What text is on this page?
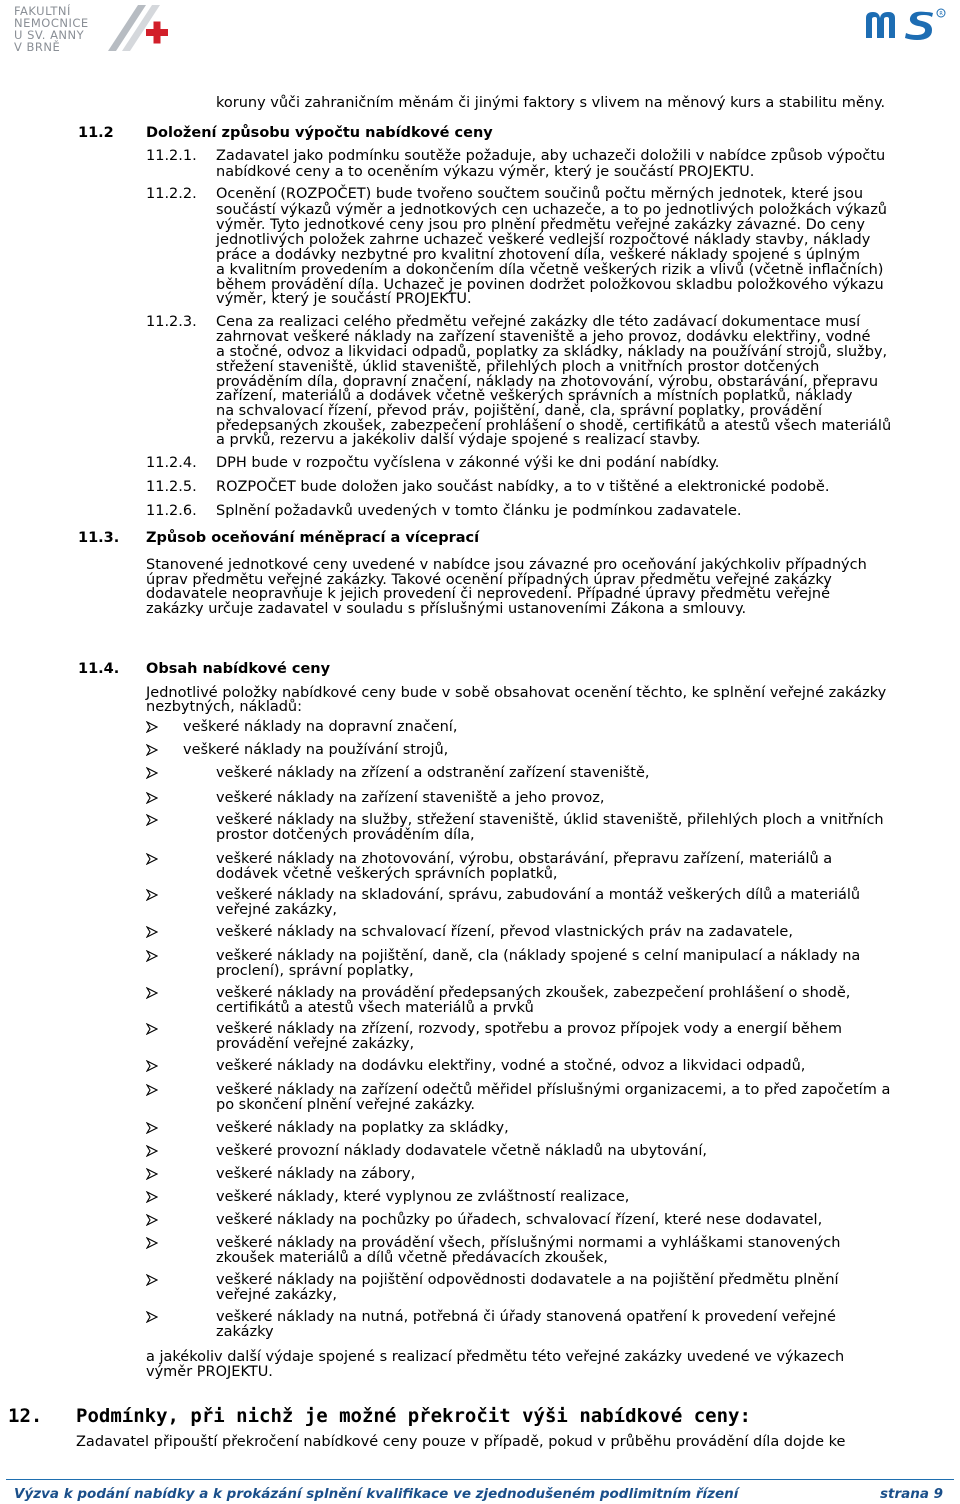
FAKULTNÍ
NEMOCNICE
U SV. ANNY
V BRNĚ
R
koruny vůči zahraničním měnám či jinými faktory s vlivem na měnový kurs a stabilitu měny.
11.2 Doložení způsobu výpočtu nabídkové ceny
11.2.1. Zadavatel jako podmínku soutěže požaduje, aby uchazeči doložili v nabídce způsob výpočtu
nabídkové ceny a to oceněním výkazu výměr, který je součástí PROJEKTU.
11.2.2. Ocenění (ROZPOČET) bude tvořeno součtem součinů počtu měrných jednotek, které jsou
součástí výkazů výměr a jednotkových cen uchazeče, a to po jednotlivých položkách výkazů
výměr. Tyto jednotkové ceny jsou pro plnění předmětu veřejné zakázky závazné. Do ceny
jednotlivých položek zahrne uchazeč veškeré vedlejší rozpočtové náklady stavby, náklady
práce a dodávky nezbytné pro kvalitní zhotovení díla, veškeré náklady spojené s úplným
a kvalitním provedením a dokončením díla včetně veškerých rizik a vlivů (včetně inflačních)
během provádění díla. Uchazeč je povinen dodržet položkovou skladbu položkového výkazu
výměr, který je součástí PROJEKTU.
11.2.3. Cena za realizaci celého předmětu veřejné zakázky dle této zadávací dokumentace musí
zahrnovat veškeré náklady na zařízení staveniště a jeho provoz, dodávku elektřiny, vodné
a stočné, odvoz a likvidaci odpadů, poplatky za skládky, náklady na používání strojů, služby,
střežení staveniště, úklid staveniště, přilehlých ploch a vnitřních prostor dotčených
prováděním díla, dopravní značení, náklady na zhotovování, výrobu, obstarávání, přepravu
zařízení, materiálů a dodávek včetně veškerých správních a místních poplatků, náklady
na schvalovací řízení, převod práv, pojištění, daně, cla, správní poplatky, provádění
předepsaných zkoušek, zabezpečení prohlášení o shodě, certifikátů a atestů všech materiálů
a prvků, rezervu a jakékoliv další výdaje spojené s realizací stavby.
11.2.4. DPH bude v rozpočtu vyčíslena v zákonné výši ke dni podání nabídky.
11.2.5. ROZPOČET bude doložen jako součást nabídky, a to v tištěné a elektronické podobě.
11.2.6. Splnění požadavků uvedených v tomto článku je podmínkou zadavatele.
11.3. Způsob oceňování méněprací a víceprací
Stanovené jednotkové ceny uvedené v nabídce jsou závazné pro oceňování jakýchkoliv případných
úprav předmětu veřejné zakázky. Takové ocenění případných úprav předmětu veřejné zakázky
dodavatele neopravňuje k jejich provedení či neprovedení. Případné úpravy předmětu veřejné
zakázky určuje zadavatel v souladu s příslušnými ustanoveními Zákona a smlouvy.
11.4. Obsah nabídkové ceny
Jednotlivé položky nabídkové ceny bude v sobě obsahovat ocenění těchto, ke splnění veřejné zakázky
nezbytných, nákladů:
veškeré náklady na dopravní značení,
veškeré náklady na používání strojů,
veškeré náklady na zřízení a odstranění zařízení staveniště,
veškeré náklady na zařízení staveniště a jeho provoz,
veškeré náklady na služby, střežení staveniště, úklid staveniště, přilehlých ploch a vnitřních
prostor dotčených prováděním díla,
veškeré náklady na zhotovování, výrobu, obstarávání, přepravu zařízení, materiálů a
dodávek včetně veškerých správních poplatků,
veškeré náklady na skladování, správu, zabudování a montáž veškerých dílů a materiálů
veřejné zakázky,
veškeré náklady na schvalovací řízení, převod vlastnických práv na zadavatele,
veškeré náklady na pojištění, daně, cla (náklady spojené s celní manipulací a náklady na
proclení), správní poplatky,
veškeré náklady na provádění předepsaných zkoušek, zabezpečení prohlášení o shodě,
certifikátů a atestů všech materiálů a prvků
veškeré náklady na zřízení, rozvody, spotřebu a provoz přípojek vody a energií během
provádění veřejné zakázky,
veškeré náklady na dodávku elektřiny, vodné a stočné, odvoz a likvidaci odpadů,
veškeré náklady na zařízení odečtů měřidel příslušnými organizacemi, a to před započetím a
po skončení plnění veřejné zakázky.
veškeré náklady na poplatky za skládky,
veškeré provozní náklady dodavatele včetně nákladů na ubytování,
veškeré náklady na zábory,
veškeré náklady, které vyplynou ze zvláštností realizace,
veškeré náklady na pochůzky po úřadech, schvalovací řízení, které nese dodavatel,
veškeré náklady na provádění všech, příslušnými normami a vyhláškami stanovených
zkoušek materiálů a dílů včetně předávacích zkoušek,
veškeré náklady na pojištění odpovědnosti dodavatele a na pojištění předmětu plnění
veřejné zakázky,
veškeré náklady na nutná, potřebná či úřady stanovená opatření k provedení veřejné
zakázky
a jakékoliv další výdaje spojené s realizací předmětu této veřejné zakázky uvedené ve výkazech
výměr PROJEKTU.
12. Podmínky, při nichž je možné překročit výši nabídkové ceny:
Zadavatel připouští překročení nabídkové ceny pouze v případě, pokud v průběhu provádění díla dojde ke
Výzva k podání nabídky a k prokázání splnění kvalifikace ve zjednodušeném podlimitním řízení	strana 9
